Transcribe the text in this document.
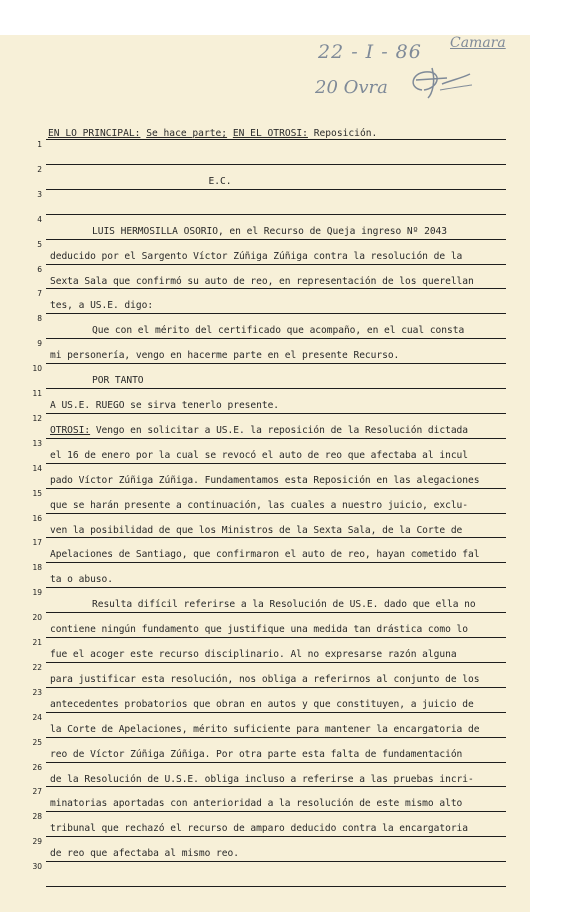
22 - I - 86 Camara
20 Ovra
EN LO PRINCIPAL: Se hace parte; EN EL OTROSI: Reposición.
1
2
E.C.
3
4
LUIS HERMOSILLA OSORIO, en el Recurso de Queja ingreso Nº 2043
5
deducido por el Sargento Víctor Zúñiga Zúñiga contra la resolución de la
6
Sexta Sala que confirmó su auto de reo, en representación de los querellan
7
tes, a US.E. digo:
8
Que con el mérito del certificado que acompaño, en el cual consta
9
mi personería, vengo en hacerme parte en el presente Recurso.
10
POR TANTO
11
A US.E. RUEGO se sirva tenerlo presente.
12
OTROSI: Vengo en solicitar a US.E. la reposición de la Resolución dictada
13
el 16 de enero por la cual se revocó el auto de reo que afectaba al incul
14
pado Víctor Zúñiga Zúñiga. Fundamentamos esta Reposición en las alegaciones
15
que se harán presente a continuación, las cuales a nuestro juicio, exclu-
16
ven la posibilidad de que los Ministros de la Sexta Sala, de la Corte de
17
Apelaciones de Santiago, que confirmaron el auto de reo, hayan cometido fal
18
ta o abuso.
19
Resulta difícil referirse a la Resolución de US.E. dado que ella no
20
contiene ningún fundamento que justifique una medida tan drástica como lo
21
fue el acoger este recurso disciplinario. Al no expresarse razón alguna
22
para justificar esta resolución, nos obliga a referirnos al conjunto de los
23
antecedentes probatorios que obran en autos y que constituyen, a juicio de
24
la Corte de Apelaciones, mérito suficiente para mantener la encargatoria de
25
reo de Víctor Zúñiga Zúñiga. Por otra parte esta falta de fundamentación
26
de la Resolución de U.S.E. obliga incluso a referirse a las pruebas incri-
27
minatorias aportadas con anterioridad a la resolución de este mismo alto
28
tribunal que rechazó el recurso de amparo deducido contra la encargatoria
29
de reo que afectaba al mismo reo.
30
